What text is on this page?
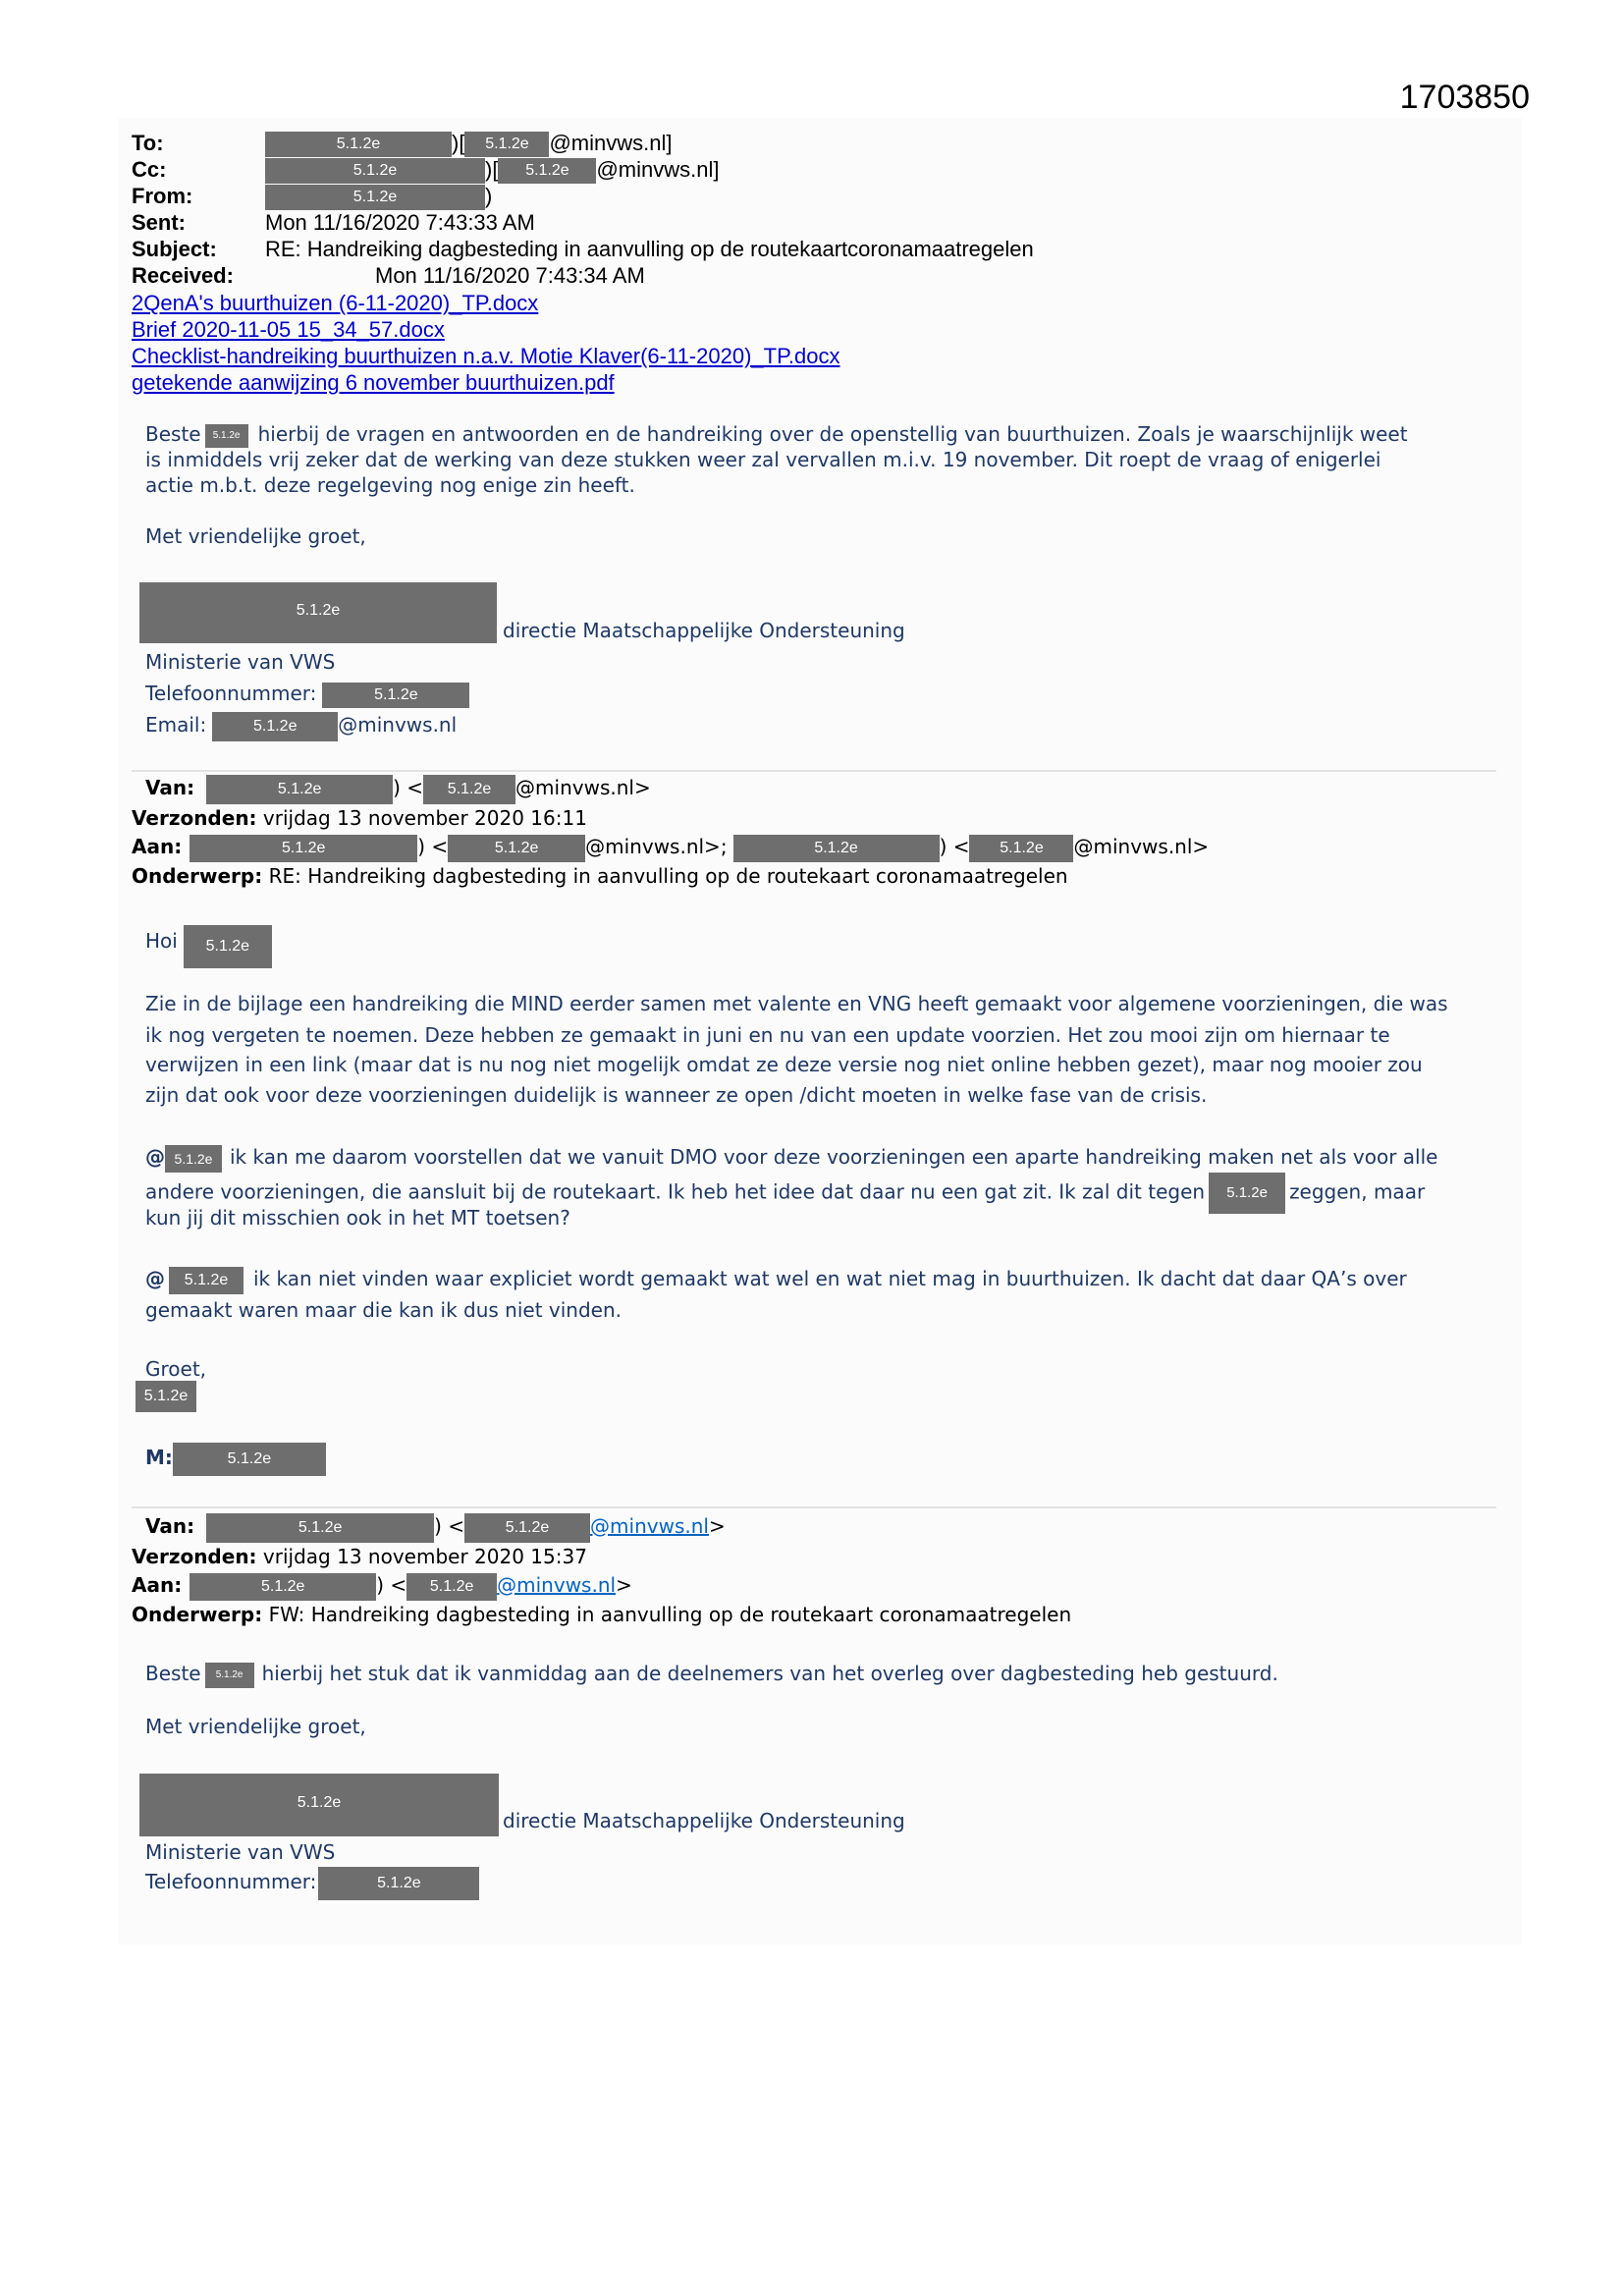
1703850
To:	5.1.2e	)[ 5.1.2e @minvws.nl]
Cc:	5.1.2e	)[ 5.1.2e @minvws.nl]
From:	5.1.2e	)
Sent:	Mon 11/16/2020 7:43:33 AM
Subject: RE: Handreiking dagbesteding in aanvulling op de routekaartcoronamaatregelen
Received:	Mon 11/16/2020 7:43:34 AM
2QenA's buurthuizen (6-11-2020)_TP.docx
Brief 2020-11-05 15_34_57.docx
Checklist-handreiking buurthuizen n.a.v. Motie Klaver(6-11-2020)_TP.docx
getekende aanwijzing 6 november buurthuizen.pdf
Beste 5.1.2e hierbij de vragen en antwoorden en de handreiking over de openstellig van buurthuizen. Zoals je waarschijnlijk weet
is inmiddels vrij zeker dat de werking van deze stukken weer zal vervallen m.i.v. 19 november. Dit roept de vraag of enigerlei
actie m.b.t. deze regelgeving nog enige zin heeft.
Met vriendelijke groet,
5.1.2e
directie Maatschappelijke Ondersteuning
Ministerie van VWS
Telefoonnummer:	5.1.2e
Email:	5.1.2e @minvws.nl
Van:	5.1.2e	) < 5.1.2e @minvws.nl>
Verzonden: vrijdag 13 november 2020 16:11
Aan:	5.1.2e	) <	5.1.2e @minvws.nl>;	5.1.2e	) < 5.1.2e @minvws.nl>
Onderwerp: RE: Handreiking dagbesteding in aanvulling op de routekaart coronamaatregelen
Hoi 5.1.2e
Zie in de bijlage een handreiking die MIND eerder samen met valente en VNG heeft gemaakt voor algemene voorzieningen, die was
ik nog vergeten te noemen. Deze hebben ze gemaakt in juni en nu van een update voorzien. Het zou mooi zijn om hiernaar te
verwijzen in een link (maar dat is nu nog niet mogelijk omdat ze deze versie nog niet online hebben gezet), maar nog mooier zou
zijn dat ook voor deze voorzieningen duidelijk is wanneer ze open /dicht moeten in welke fase van de crisis.
@ 5.1.2e ik kan me daarom voorstellen dat we vanuit DMO voor deze voorzieningen een aparte handreiking maken net als voor alle
andere voorzieningen, die aansluit bij de routekaart. Ik heb het idee dat daar nu een gat zit. Ik zal dit tegen 5.1.2e zeggen, maar
kun jij dit misschien ook in het MT toetsen?
@ 5.1.2e ik kan niet vinden waar expliciet wordt gemaakt wat wel en wat niet mag in buurthuizen. Ik dacht dat daar QA’s over
gemaakt waren maar die kan ik dus niet vinden.
Groet,
5.1.2e
M:	5.1.2e
Van:	5.1.2e	) <	5.1.2e @minvws.nl>
Verzonden: vrijdag 13 november 2020 15:37
Aan:	5.1.2e	) < 5.1.2e @minvws.nl>
Onderwerp: FW: Handreiking dagbesteding in aanvulling op de routekaart coronamaatregelen
Beste 5.1.2e hierbij het stuk dat ik vanmiddag aan de deelnemers van het overleg over dagbesteding heb gestuurd.
Met vriendelijke groet,
5.1.2e
directie Maatschappelijke Ondersteuning
Ministerie van VWS
Telefoonnummer:	5.1.2e
